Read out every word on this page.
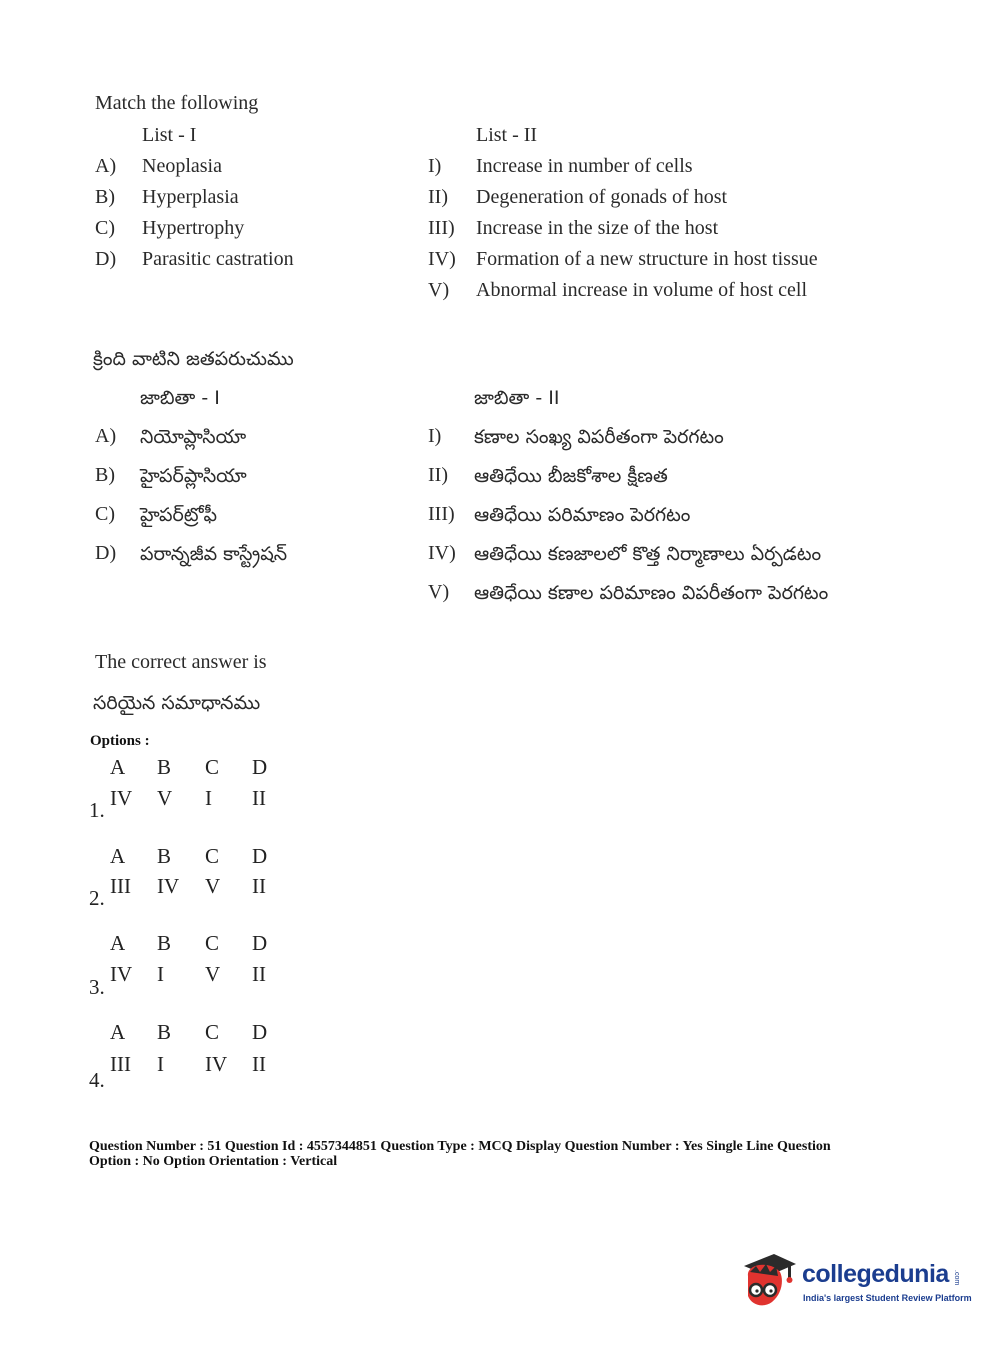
Match the following
List - I	List - II
A) Neoplasia
B) Hyperplasia
C) Hypertrophy
D) Parasitic castration
I) Increase in number of cells
II) Degeneration of gonads of host
III) Increase in the size of the host
IV) Formation of a new structure in host tissue
V) Abnormal increase in volume of host cell
క్రింది వాటిని జతపరుచుము
జాబితా - I	జాబితా - II
A) నియోప్లాసియా
B) హైపర్‌ప్లాసియా
C) హైపర్‌ట్రోఫీ
D) పరాన్నజీవ కాస్ట్రేషన్
I) కణాల సంఖ్య విపరీతంగా పెరగటం
II) ఆతిధేయి బీజకోశాల క్షీణత
III) ఆతిధేయి పరిమాణం పెరగటం
IV) ఆతిధేయి కణజాలలో కొత్త నిర్మాణాలు ఏర్పడటం
V) ఆతిధేయి కణాల పరిమాణం విపరీతంగా పెరగటం
The correct answer is
సరియైన సమాధానము
Options :
A B C D
1. IV V I II
A B C D
2. III IV V II
A B C D
3.
IV I V II
A B C D
4.
III I IV II
Question Number : 51 Question Id : 4557344851 Question Type : MCQ Display Question Number : Yes Single Line Question
Option : No Option Orientation : Vertical
collegedunia .com
India's largest Student Review Platform
